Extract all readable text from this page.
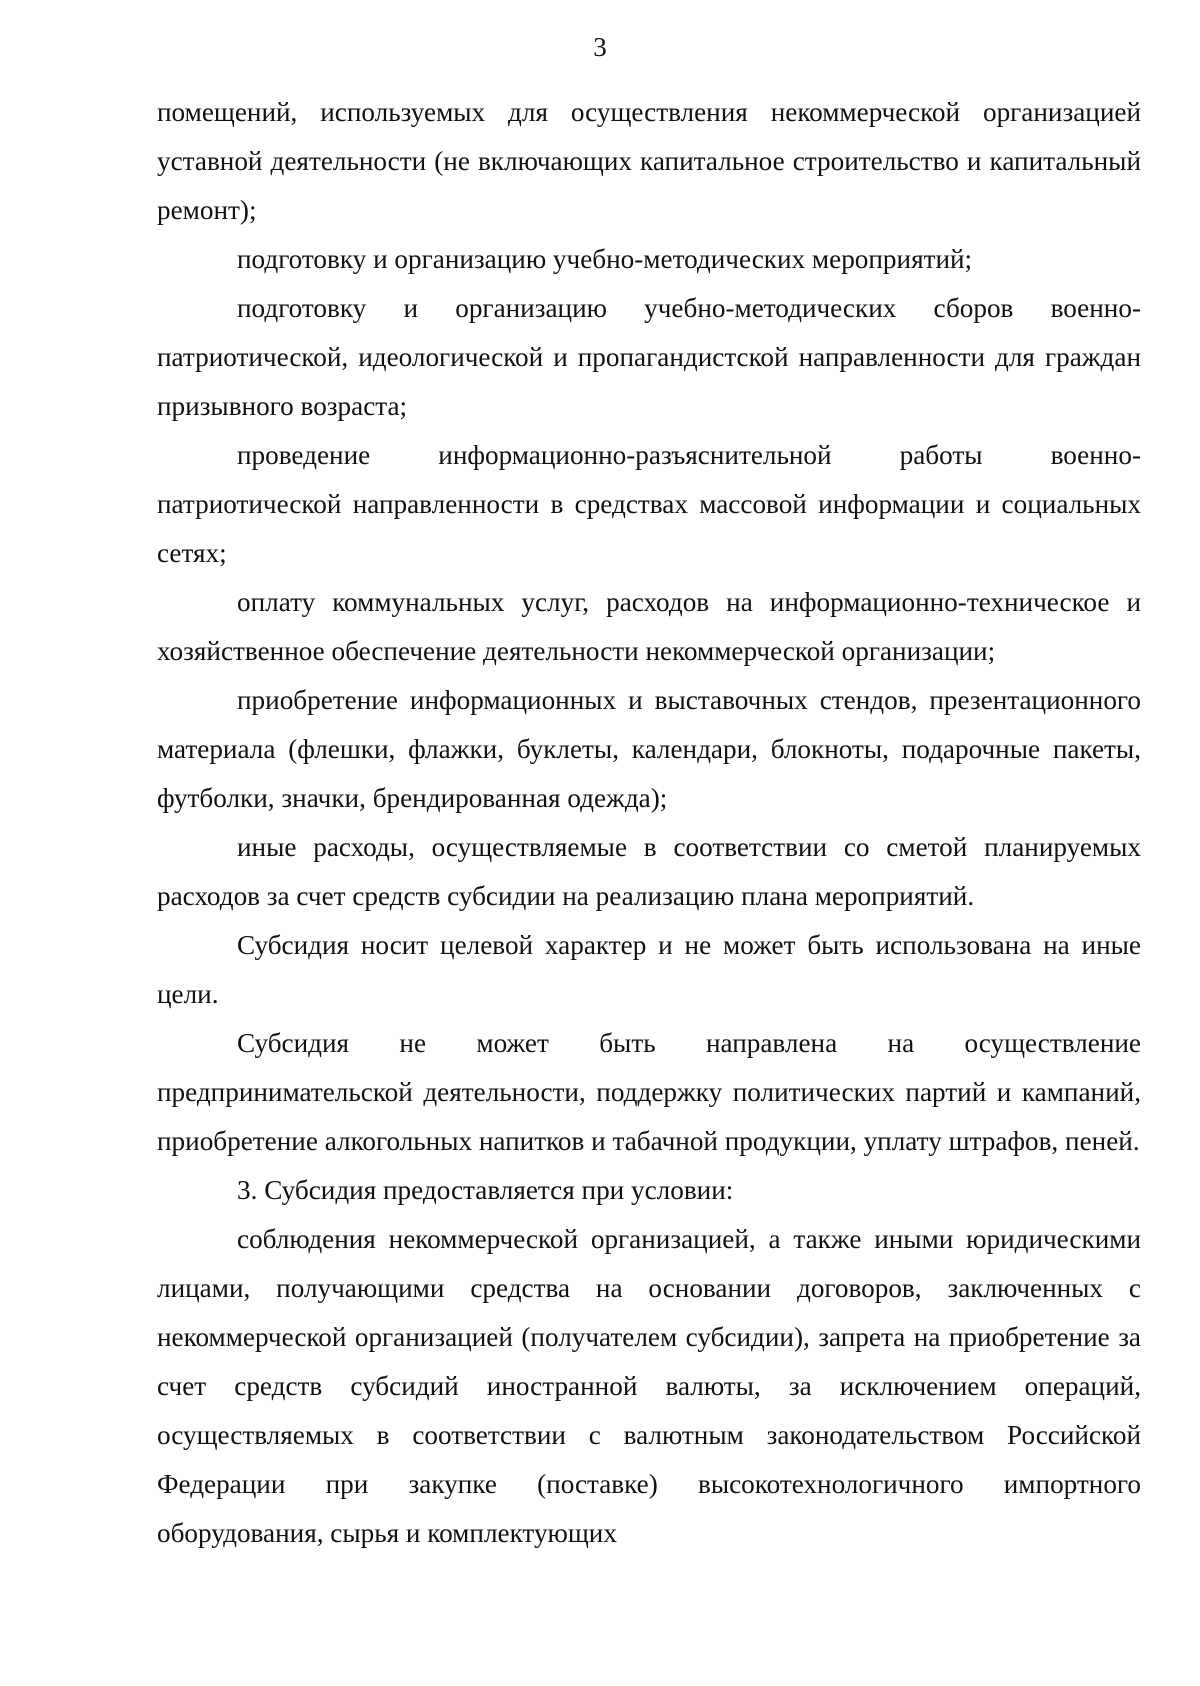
3

помещений, используемых для осуществления некоммерческой организацией уставной деятельности (не включающих капитальное строительство и капитальный ремонт);

подготовку и организацию учебно-методических мероприятий;

подготовку и организацию учебно-методических сборов военно-патриотической, идеологической и пропагандистской направленности для граждан призывного возраста;

проведение информационно-разъяснительной работы военно-патриотической направленности в средствах массовой информации и социальных сетях;

оплату коммунальных услуг, расходов на информационно-техническое и хозяйственное обеспечение деятельности некоммерческой организации;

приобретение информационных и выставочных стендов, презентационного материала (флешки, флажки, буклеты, календари, блокноты, подарочные пакеты, футболки, значки, брендированная одежда);

иные расходы, осуществляемые в соответствии со сметой планируемых расходов за счет средств субсидии на реализацию плана мероприятий.

Субсидия носит целевой характер и не может быть использована на иные цели.

Субсидия не может быть направлена на осуществление предпринимательской деятельности, поддержку политических партий и кампаний, приобретение алкогольных напитков и табачной продукции, уплату штрафов, пеней.

3. Субсидия предоставляется при условии:

соблюдения некоммерческой организацией, а также иными юридическими лицами, получающими средства на основании договоров, заключенных с некоммерческой организацией (получателем субсидии), запрета на приобретение за счет средств субсидий иностранной валюты, за исключением операций, осуществляемых в соответствии с валютным законодательством Российской Федерации при закупке (поставке) высокотехнологичного импортного оборудования, сырья и комплектующих
